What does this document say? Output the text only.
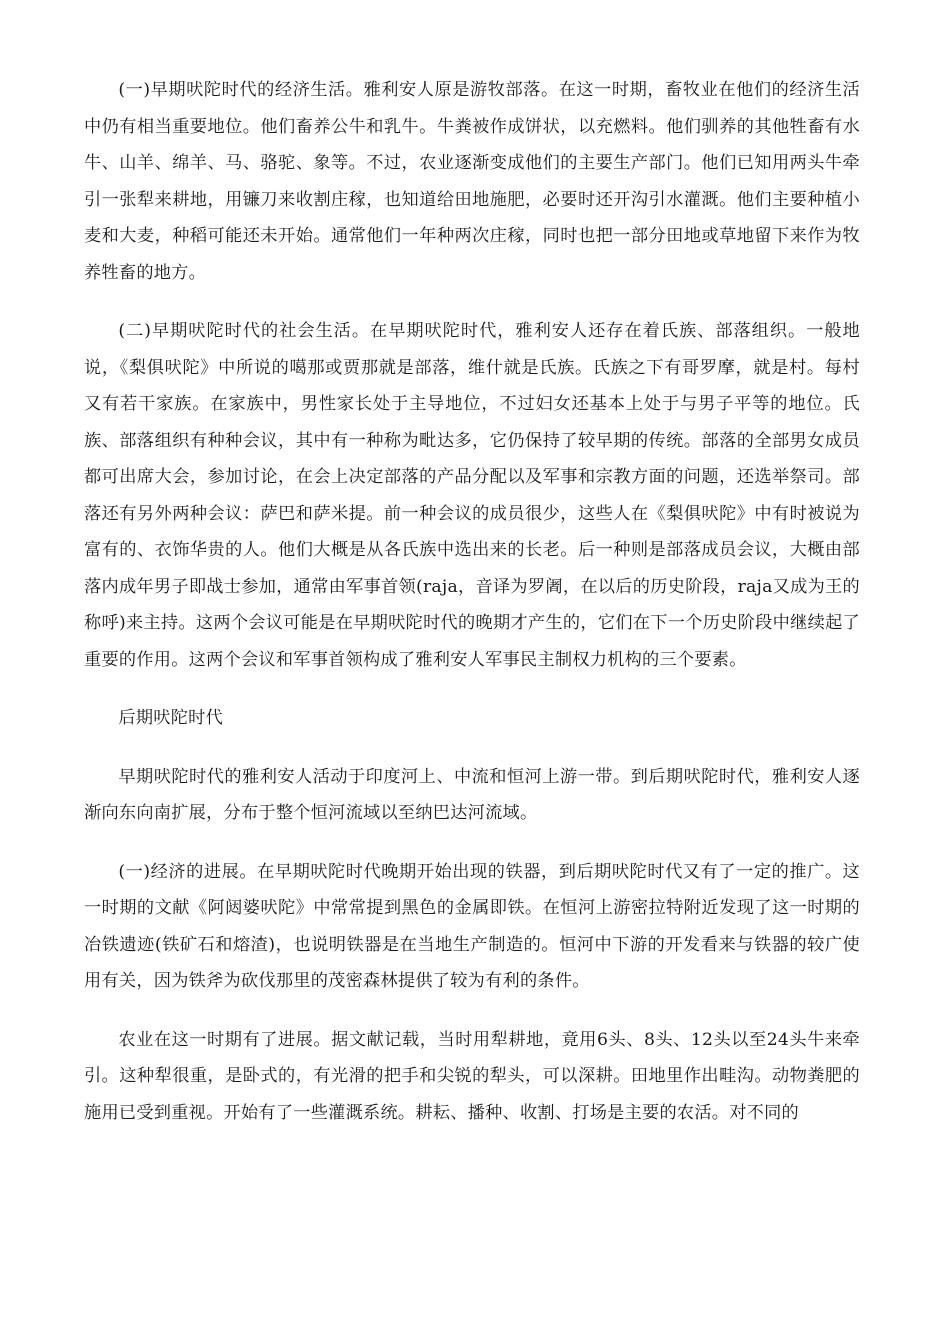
(一)早期吠陀时代的经济生活。雅利安人原是游牧部落。在这一时期，畜牧业在他们的经济生活中仍有相当重要地位。他们畜养公牛和乳牛。牛粪被作成饼状，以充燃料。他们驯养的其他牲畜有水牛、山羊、绵羊、马、骆驼、象等。不过，农业逐渐变成他们的主要生产部门。他们已知用两头牛牵引一张犁来耕地，用镰刀来收割庄稼，也知道给田地施肥，必要时还开沟引水灌溉。他们主要种植小麦和大麦，种稻可能还未开始。通常他们一年种两次庄稼，同时也把一部分田地或草地留下来作为牧养牲畜的地方。

(二)早期吠陀时代的社会生活。在早期吠陀时代，雅利安人还存在着氏族、部落组织。一般地说，《梨俱吠陀》中所说的噶那或贾那就是部落，维什就是氏族。氏族之下有哥罗摩，就是村。每村又有若干家族。在家族中，男性家长处于主导地位，不过妇女还基本上处于与男子平等的地位。氏族、部落组织有种种会议，其中有一种称为毗达多，它仍保持了较早期的传统。部落的全部男女成员都可出席大会，参加讨论，在会上决定部落的产品分配以及军事和宗教方面的问题，还选举祭司。部落还有另外两种会议：萨巴和萨米提。前一种会议的成员很少，这些人在《梨俱吠陀》中有时被说为富有的、衣饰华贵的人。他们大概是从各氏族中选出来的长老。后一种则是部落成员会议，大概由部落内成年男子即战士参加，通常由军事首领(raja，音译为罗阇，在以后的历史阶段，raja又成为王的称呼)来主持。这两个会议可能是在早期吠陀时代的晚期才产生的，它们在下一个历史阶段中继续起了重要的作用。这两个会议和军事首领构成了雅利安人军事民主制权力机构的三个要素。

后期吠陀时代

早期吠陀时代的雅利安人活动于印度河上、中流和恒河上游一带。到后期吠陀时代，雅利安人逐渐向东向南扩展，分布于整个恒河流域以至纳巴达河流域。

(一)经济的进展。在早期吠陀时代晚期开始出现的铁器，到后期吠陀时代又有了一定的推广。这一时期的文献《阿闼婆吠陀》中常常提到黑色的金属即铁。在恒河上游密拉特附近发现了这一时期的冶铁遗迹(铁矿石和熔渣)，也说明铁器是在当地生产制造的。恒河中下游的开发看来与铁器的较广使用有关，因为铁斧为砍伐那里的茂密森林提供了较为有利的条件。

农业在这一时期有了进展。据文献记载，当时用犁耕地，竟用6头、8头、12头以至24头牛来牵引。这种犁很重，是卧式的，有光滑的把手和尖锐的犁头，可以深耕。田地里作出畦沟。动物粪肥的施用已受到重视。开始有了一些灌溉系统。耕耘、播种、收割、打场是主要的农活。对不同的
